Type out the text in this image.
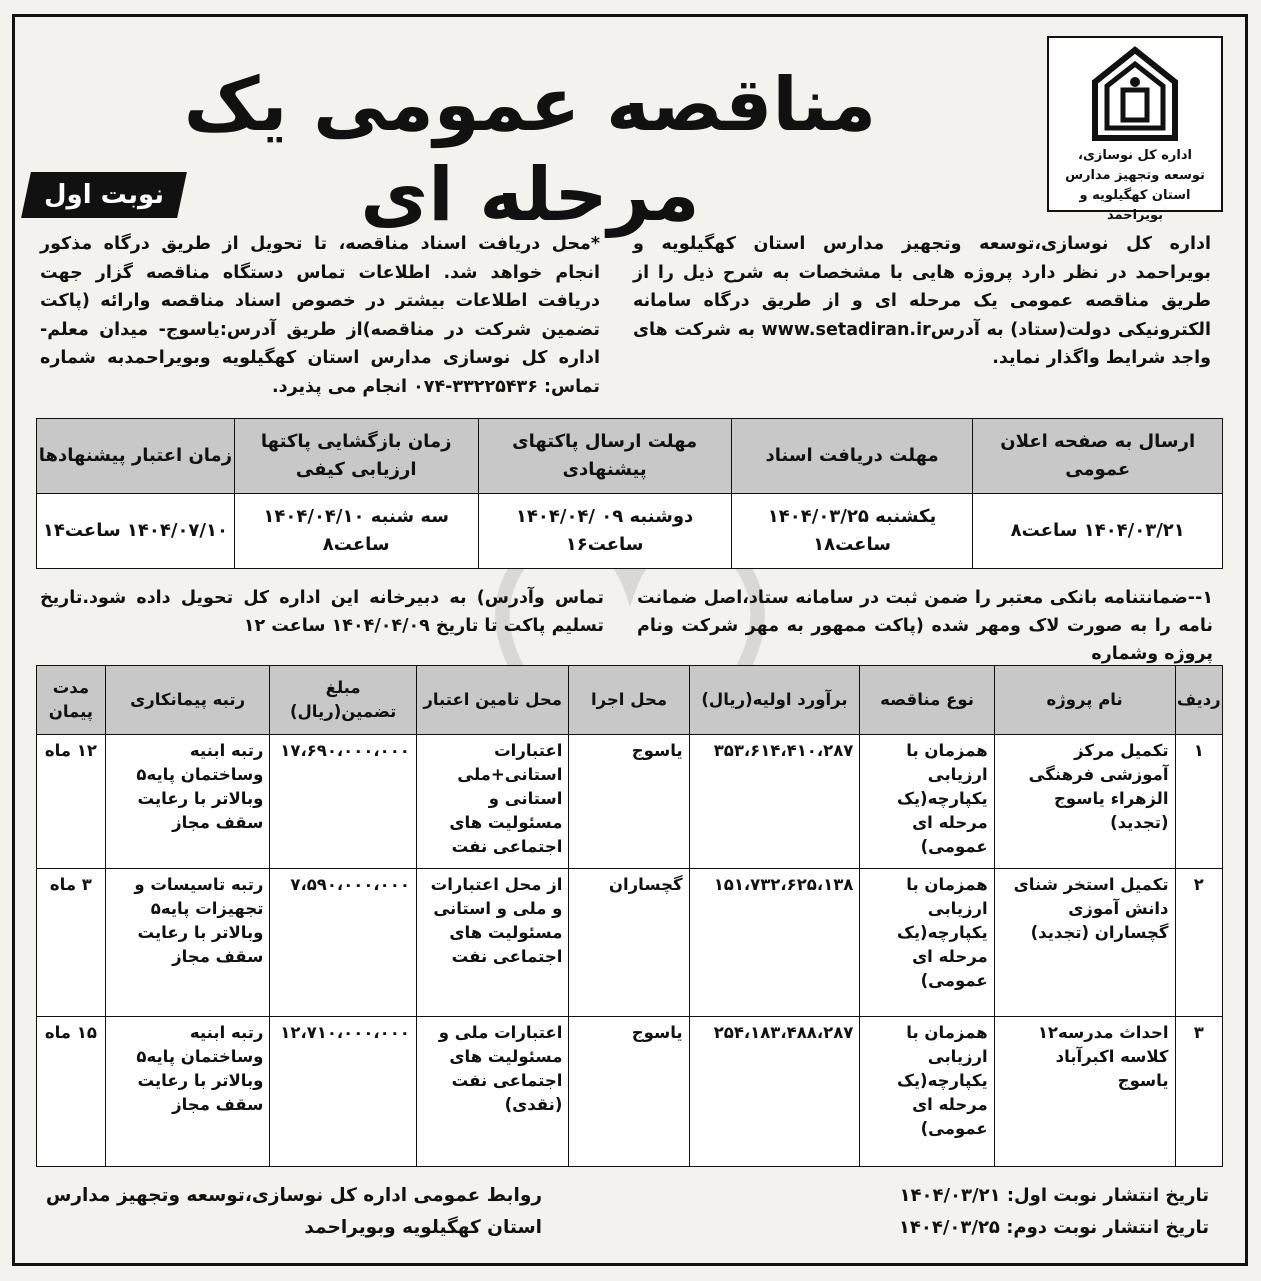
اداره کل نوسازی،
توسعه وتجهیز مدارس
استان کهگیلویه و بویراحمد
مناقصه عمومی یک مرحله ای
نوبت اول
اداره کل نوسازی،توسعه وتجهیز مدارس استان کهگیلویه و بویراحمد در نظر دارد پروژه هایی با مشخصات به شرح ذیل را از طریق مناقصه عمومی یک مرحله ای و از طریق درگاه سامانه الکترونیکی دولت(ستاد) به آدرسwww.setadiran.ir به شرکت های واجد شرایط واگذار نماید.
*محل دریافت اسناد مناقصه، تا تحویل از طریق درگاه مذکور انجام خواهد شد. اطلاعات تماس دستگاه مناقصه گزار جهت دریافت اطلاعات بیشتر در خصوص اسناد مناقصه وارائه (پاکت تضمین شرکت در مناقصه)از طریق آدرس:یاسوج- میدان معلم- اداره کل نوسازی مدارس استان کهگیلویه وبویراحمدبه شماره تماس: ۳۳۲۲۵۴۳۶-۰۷۴ انجام می پذیرد.
ارسال به صفحه اعلان عمومی	مهلت دریافت اسناد	مهلت ارسال پاکتهای پیشنهادی	زمان بازگشایی پاکتها ارزیابی کیفی	زمان اعتبار پیشنهادها
۱۴۰۴/۰۳/۲۱ ساعت۸	یکشنبه ۱۴۰۴/۰۳/۲۵ ساعت۱۸	دوشنبه ۰۹ /۱۴۰۴/۰۴ ساعت۱۶	سه شنبه ۱۴۰۴/۰۴/۱۰ ساعت۸	۱۴۰۴/۰۷/۱۰ ساعت۱۴
۱--ضمانتنامه بانکی معتبر را ضمن ثبت در سامانه ستاد،اصل ضمانت نامه را به صورت لاک ومهر شده (پاکت ممهور به مهر شرکت ونام پروژه وشماره
تماس وآدرس) به دبیرخانه این اداره کل تحویل داده شود.تاریخ تسلیم پاکت تا تاریخ ۱۴۰۴/۰۴/۰۹ ساعت ۱۲
ردیف	نام پروژه	نوع مناقصه	برآورد اولیه(ریال)	محل اجرا	محل تامین اعتبار	مبلغ تضمین(ریال)	رتبه پیمانکاری	مدت پیمان
۱	تکمیل مرکز آموزشی فرهنگی الزهراء یاسوج (تجدید)	همزمان با ارزیابی یکپارچه(یک مرحله ای عمومی)	۳۵۳،۶۱۴،۴۱۰،۲۸۷	یاسوج	اعتبارات استانی+ملی استانی و مسئولیت های اجتماعی نفت	۱۷،۶۹۰،۰۰۰،۰۰۰	رتبه ابنیه وساختمان پایه۵ وبالاتر با رعایت سقف مجاز	۱۲ ماه
۲	تکمیل استخر شنای دانش آموزی گچساران (تجدید)	همزمان با ارزیابی یکپارچه(یک مرحله ای عمومی)	۱۵۱،۷۳۲،۶۲۵،۱۳۸	گچساران	از محل اعتبارات و ملی و استانی مسئولیت های اجتماعی نفت	۷،۵۹۰،۰۰۰،۰۰۰	رتبه تاسیسات و تجهیزات پایه۵ وبالاتر با رعایت سقف مجاز	۳ ماه
۳	احداث مدرسه۱۲ کلاسه اکبرآباد یاسوج	همزمان با ارزیابی یکپارچه(یک مرحله ای عمومی)	۲۵۴،۱۸۳،۴۸۸،۲۸۷	یاسوج	اعتبارات ملی و مسئولیت های اجتماعی نفت (نقدی)	۱۲،۷۱۰،۰۰۰،۰۰۰	رتبه ابنیه وساختمان پایه۵ وبالاتر با رعایت سقف مجاز	۱۵ ماه
تاریخ انتشار نوبت اول: ۱۴۰۴/۰۳/۲۱
تاریخ انتشار نوبت دوم: ۱۴۰۴/۰۳/۲۵
روابط عمومی اداره کل نوسازی،توسعه وتجهیز مدارس استان کهگیلویه وبویراحمد
